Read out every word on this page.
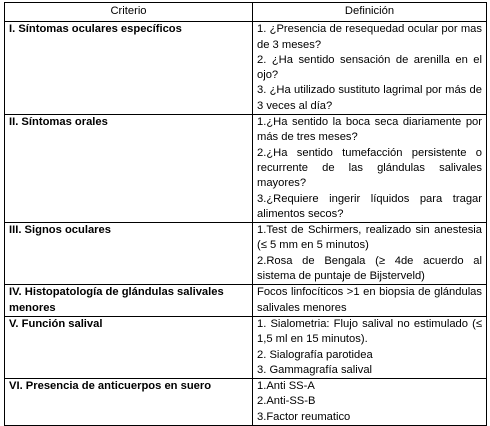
Criterio	Definición
I. Síntomas oculares específicos	1. ¿Presencia de resequedad ocular por mas de 3 meses?

2. ¿Ha sentido sensación de arenilla en el ojo?

3. ¿Ha utilizado sustituto lagrimal por más de 3 veces al día?

II. Síntomas orales	1.¿Ha sentido la boca seca diariamente por más de tres meses?

2.¿Ha sentido tumefacción persistente o recurrente de las glándulas salivales mayores?

3.¿Requiere ingerir líquidos para tragar alimentos secos?

III. Signos oculares	1.Test de Schirmers, realizado sin anestesia (≤ 5 mm en 5 minutos)

2.Rosa de Bengala (≥ 4de acuerdo al sistema de puntaje de Bijsterveld)

IV. Histopatología de glándulas salivales menores	Focos linfocíticos >1 en biopsia de glándulas salivales menores

V. Función salival	1. Sialometria: Flujo salival no estimulado (≤ 1,5 ml en 15 minutos).

2. Sialografía parotidea

3. Gammagrafía salival

VI. Presencia de anticuerpos en suero	1.Anti SS-A

2.Anti-SS-B

3.Factor reumatico
